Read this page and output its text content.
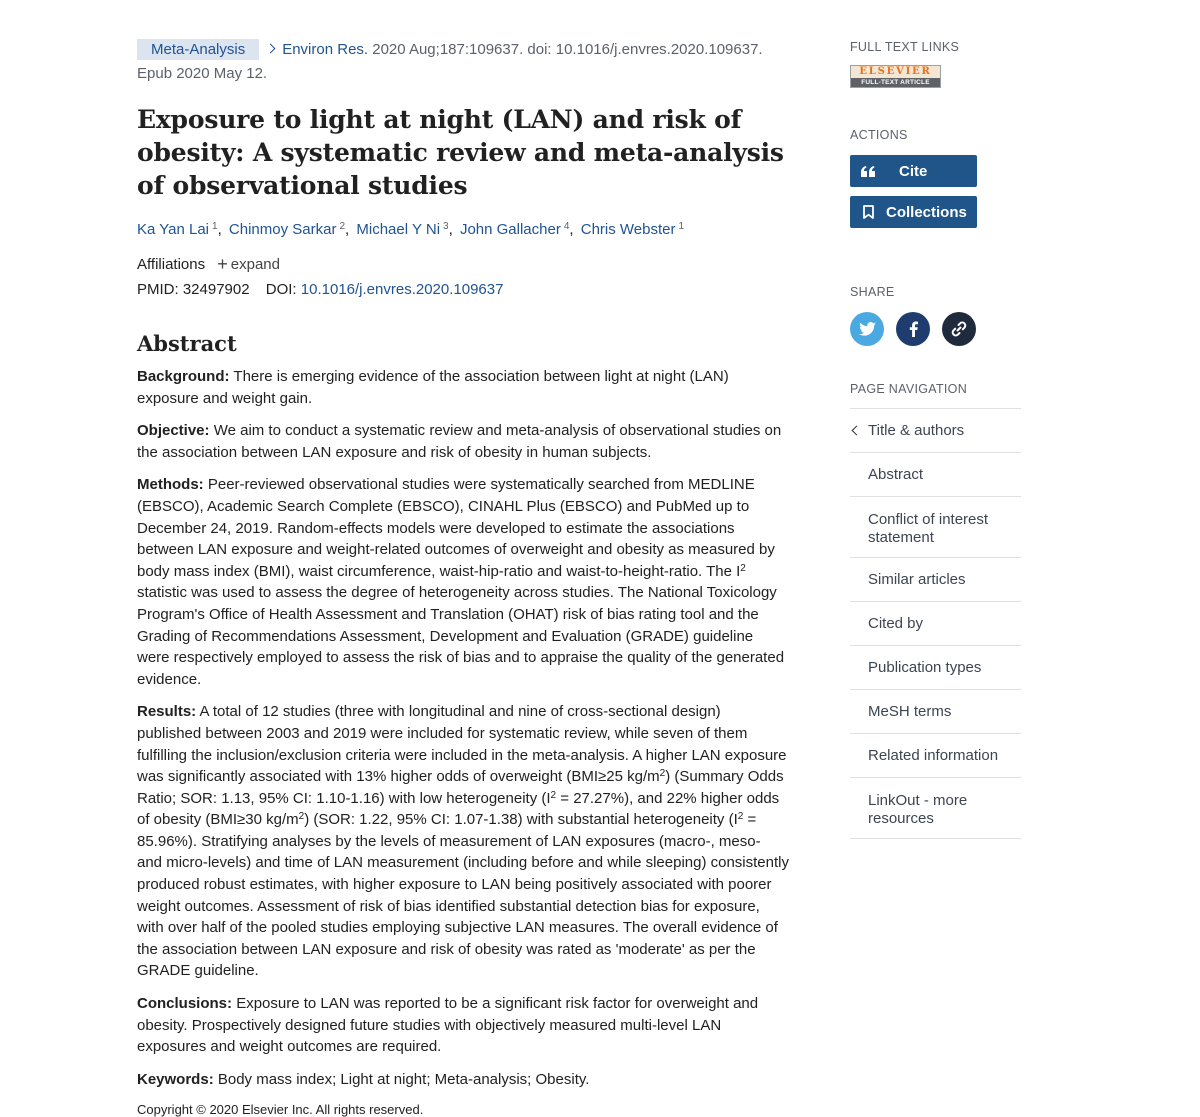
Meta-Analysis Environ Res. 2020 Aug;187:109637. doi: 10.1016/j.envres.2020.109637.
Epub 2020 May 12.
Exposure to light at night (LAN) and risk of obesity: A systematic review and meta-analysis of observational studies
Ka Yan Lai $^1$, Chinmoy Sarkar $^2$, Michael Y Ni $^3$, John Gallacher $^4$, Chris Webster $^1$
Affiliations + expand
PMID: 32497902 DOI: 10.1016/j.envres.2020.109637
Abstract

Background: There is emerging evidence of the association between light at night (LAN) exposure and weight gain.

Objective: We aim to conduct a systematic review and meta-analysis of observational studies on the association between LAN exposure and risk of obesity in human subjects.

Methods: Peer-reviewed observational studies were systematically searched from MEDLINE (EBSCO), Academic Search Complete (EBSCO), CINAHL Plus (EBSCO) and PubMed up to December 24, 2019. Random-effects models were developed to estimate the associations between LAN exposure and weight-related outcomes of overweight and obesity as measured by body mass index (BMI), waist circumference, waist-hip-ratio and waist-to-height-ratio. The $I^2$ statistic was used to assess the degree of heterogeneity across studies. The National Toxicology Program's Office of Health Assessment and Translation (OHAT) risk of bias rating tool and the Grading of Recommendations Assessment, Development and Evaluation (GRADE) guideline were respectively employed to assess the risk of bias and to appraise the quality of the generated evidence.

Results: A total of 12 studies (three with longitudinal and nine of cross-sectional design) published between 2003 and 2019 were included for systematic review, while seven of them fulfilling the inclusion/exclusion criteria were included in the meta-analysis. A higher LAN exposure was significantly associated with 13% higher odds of overweight (BMI≥25 $kg/m^2$) (Summary Odds Ratio; SOR: 1.13, 95% CI: 1.10-1.16) with low heterogeneity $(I^2 = 27.27\%)$, and 22% higher odds of obesity (BMI≥30 $kg/m^2$) (SOR: 1.22, 95% CI: 1.07-1.38) with substantial heterogeneity $(I^2 = 85.96\%)$. Stratifying analyses by the levels of measurement of LAN exposures (macro-, meso- and micro-levels) and time of LAN measurement (including before and while sleeping) consistently produced robust estimates, with higher exposure to LAN being positively associated with poorer weight outcomes. Assessment of risk of bias identified substantial detection bias for exposure, with over half of the pooled studies employing subjective LAN measures. The overall evidence of the association between LAN exposure and risk of obesity was rated as 'moderate' as per the GRADE guideline.

Conclusions: Exposure to LAN was reported to be a significant risk factor for overweight and obesity. Prospectively designed future studies with objectively measured multi-level LAN exposures and weight outcomes are required.

Keywords: Body mass index; Light at night; Meta-analysis; Obesity.

Copyright © 2020 Elsevier Inc. All rights reserved.

FULL TEXT LINKS
ELSEVIER
FULL-TEXT ARTICLE
ACTIONS
Cite
Collections
SHARE
PAGE NAVIGATION
Title & authors
Abstract
Conflict of interest statement
Similar articles
Cited by
Publication types
MeSH terms
Related information
LinkOut - more resources
